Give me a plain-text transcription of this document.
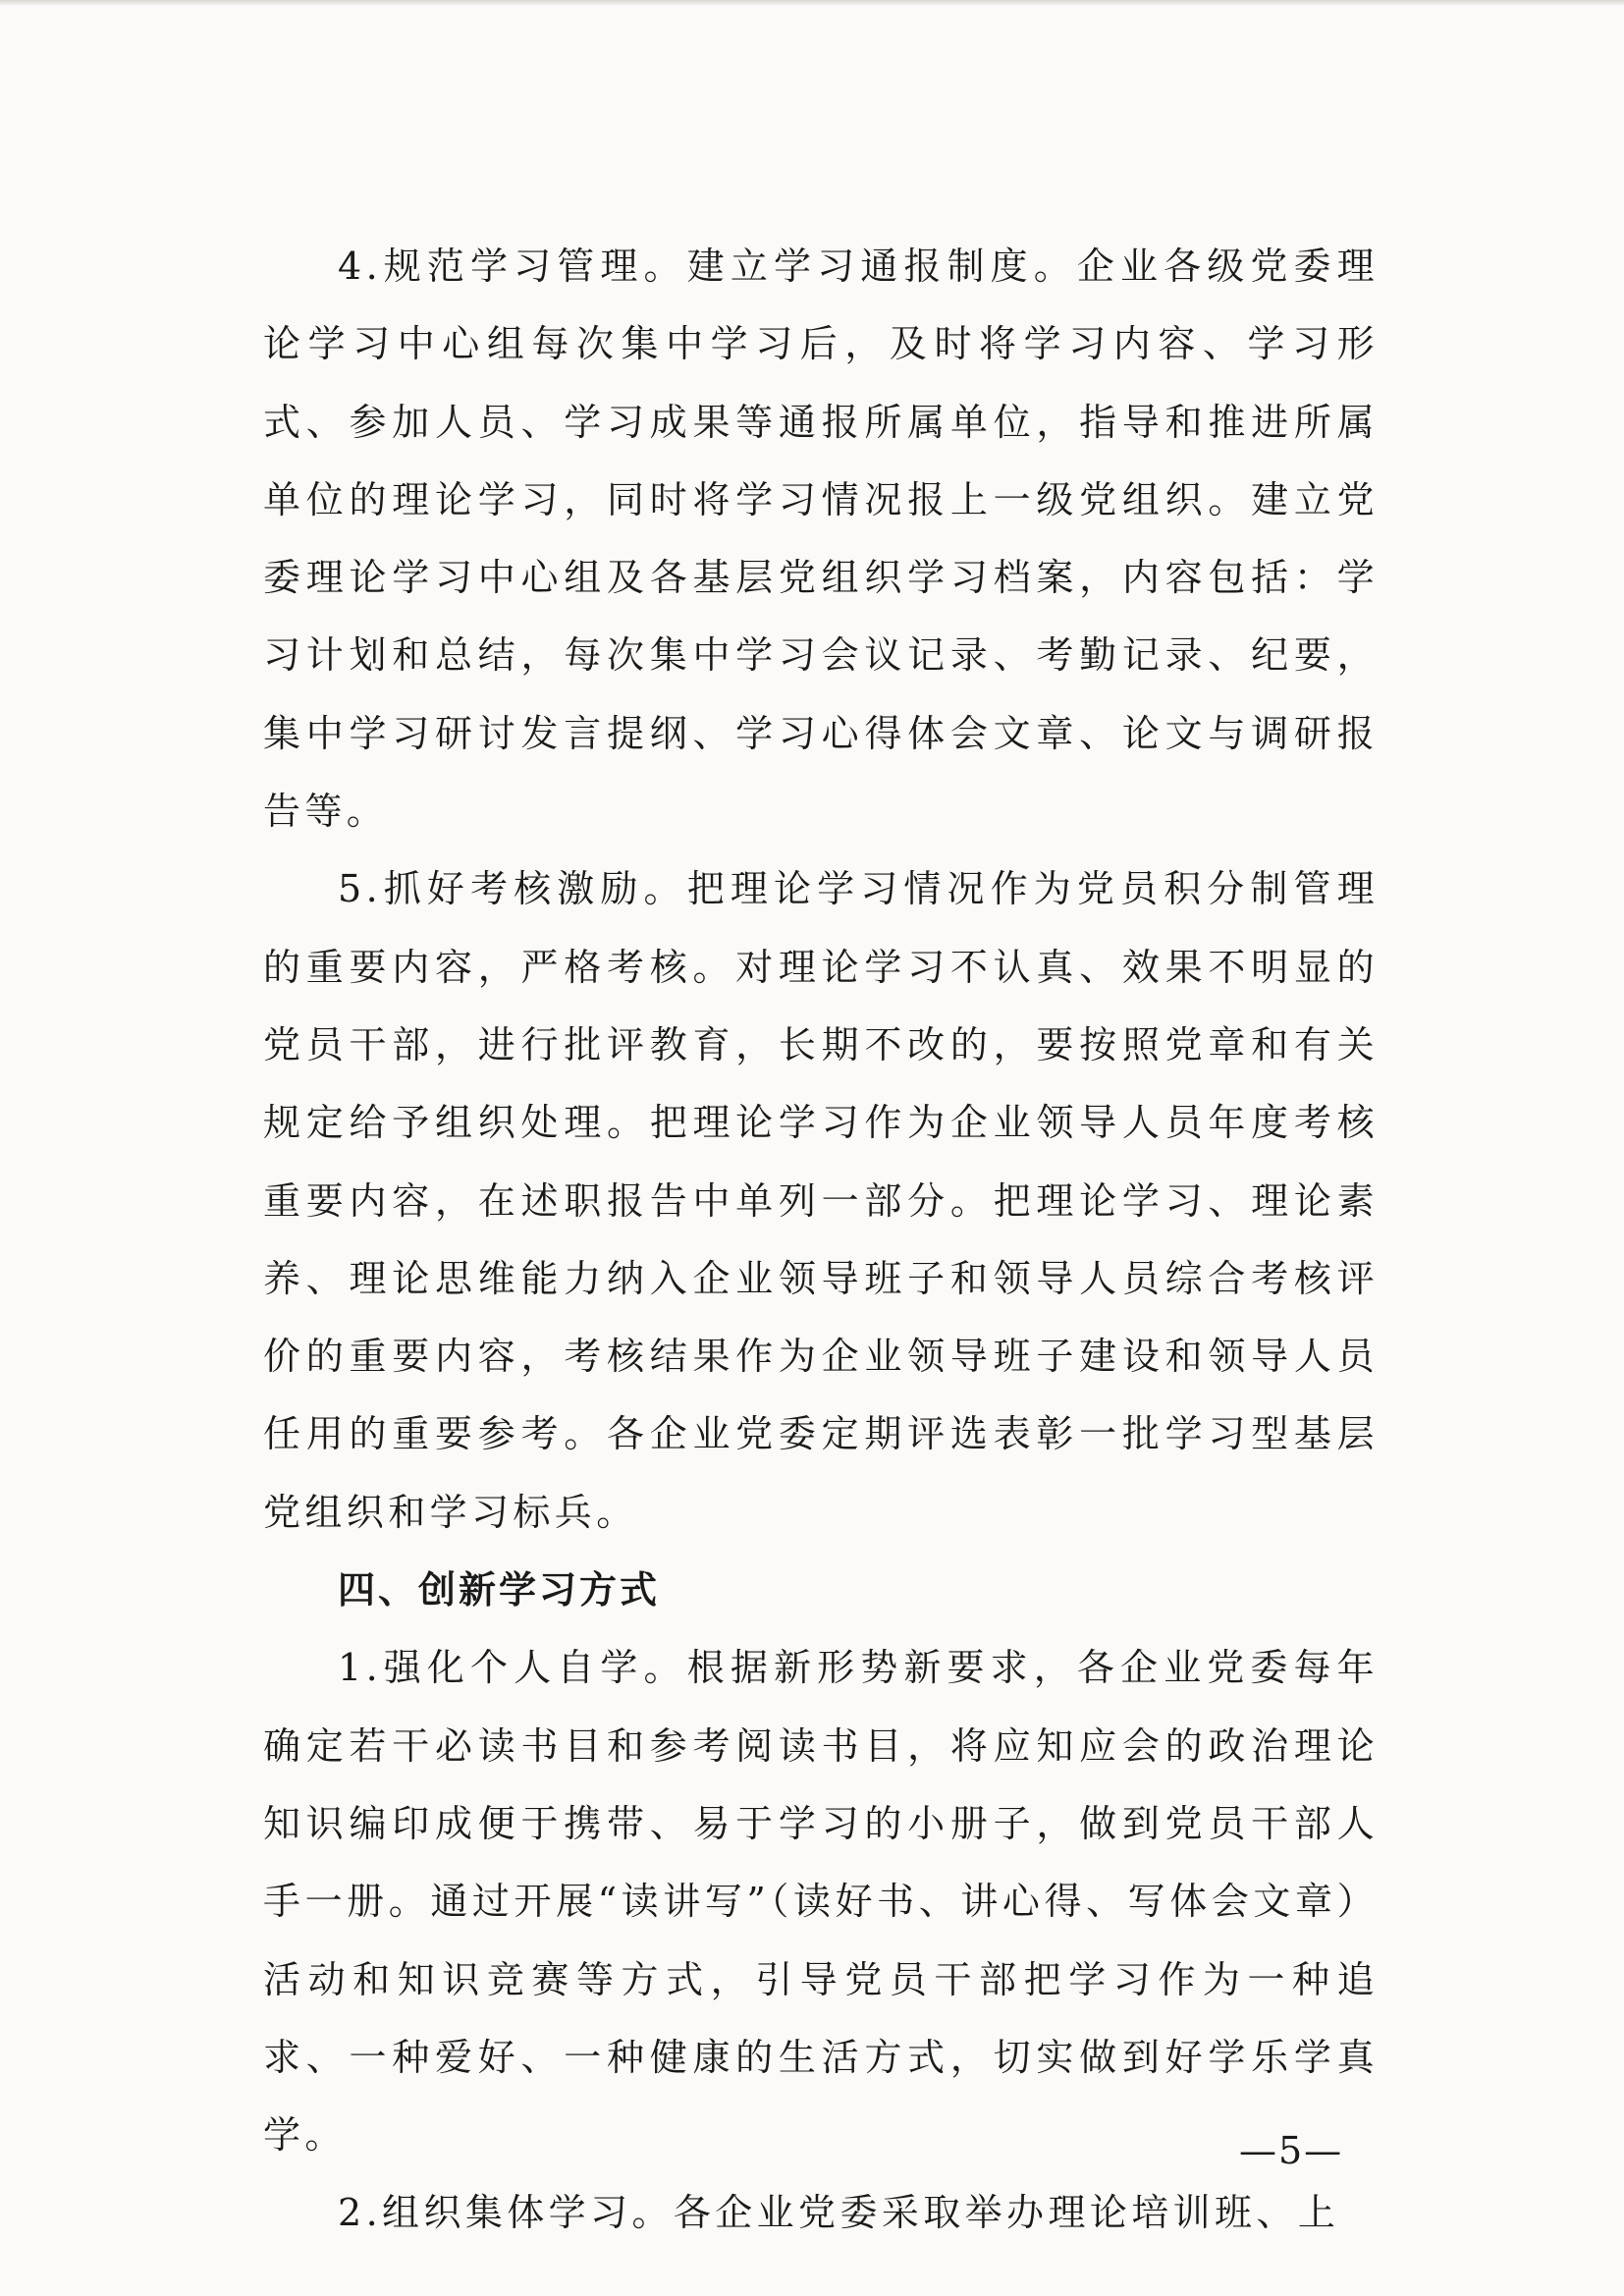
4.规范学习管理。建立学习通报制度。企业各级党委理论学习中心组每次集中学习后，及时将学习内容、学习形式、参加人员、学习成果等通报所属单位，指导和推进所属单位的理论学习，同时将学习情况报上一级党组织。建立党委理论学习中心组及各基层党组织学习档案，内容包括：学习计划和总结，每次集中学习会议记录、考勤记录、纪要，集中学习研讨发言提纲、学习心得体会文章、论文与调研报告等。

5.抓好考核激励。把理论学习情况作为党员积分制管理的重要内容，严格考核。对理论学习不认真、效果不明显的党员干部，进行批评教育，长期不改的，要按照党章和有关规定给予组织处理。把理论学习作为企业领导人员年度考核重要内容，在述职报告中单列一部分。把理论学习、理论素养、理论思维能力纳入企业领导班子和领导人员综合考核评价的重要内容，考核结果作为企业领导班子建设和领导人员任用的重要参考。各企业党委定期评选表彰一批学习型基层党组织和学习标兵。

四、创新学习方式

1.强化个人自学。根据新形势新要求，各企业党委每年确定若干必读书目和参考阅读书目，将应知应会的政治理论知识编印成便于携带、易于学习的小册子，做到党员干部人手一册。通过开展“读讲写”（读好书、讲心得、写体会文章）活动和知识竞赛等方式，引导党员干部把学习作为一种追求、一种爱好、一种健康的生活方式，切实做到好学乐学真学。

2.组织集体学习。各企业党委采取举办理论培训班、上

—5—
